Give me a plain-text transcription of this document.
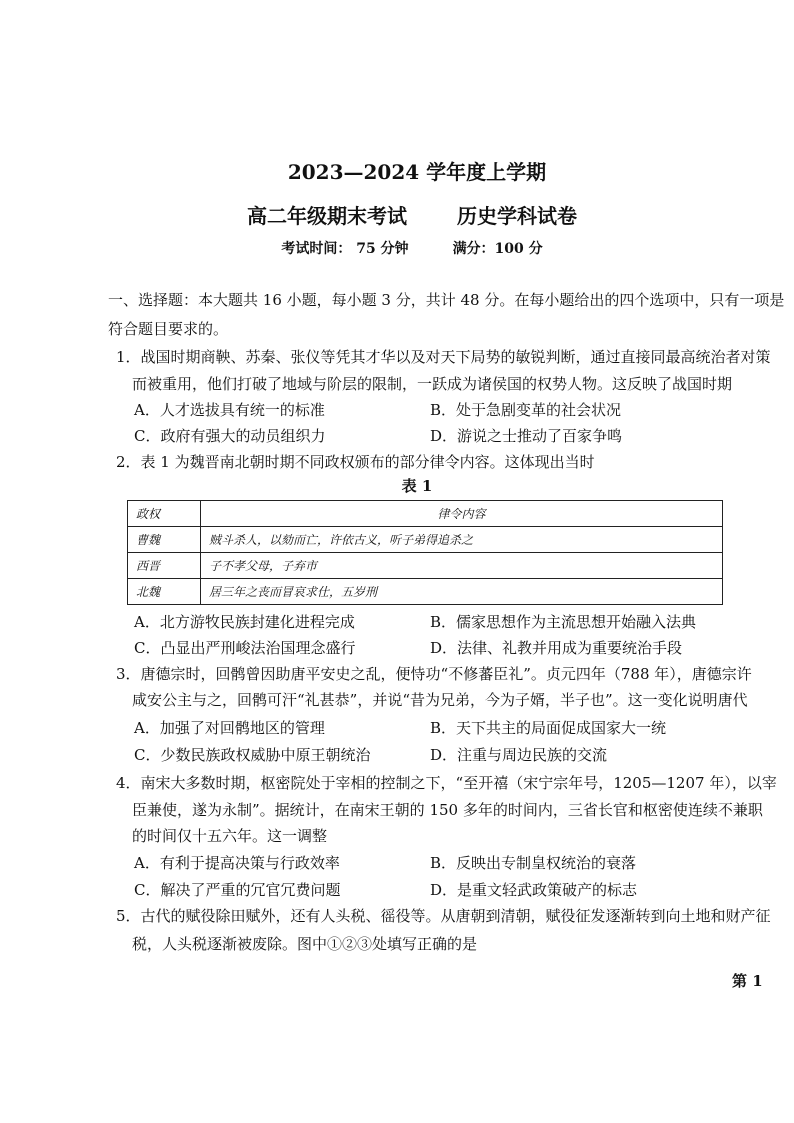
2023—2024 学年度上学期
高二年级期末考试	历史学科试卷
考试时间： 75 分钟	满分：100 分
一、选择题：本大题共 16 小题，每小题 3 分，共计 48 分。在每小题给出的四个选项中，只有一项是
符合题目要求的。
1．战国时期商鞅、苏秦、张仪等凭其才华以及对天下局势的敏锐判断，通过直接同最高统治者对策
而被重用，他们打破了地域与阶层的限制，一跃成为诸侯国的权势人物。这反映了战国时期
A．人才选拔具有统一的标准	B．处于急剧变革的社会状况
C．政府有强大的动员组织力	D．游说之士推动了百家争鸣
2．表 1 为魏晋南北朝时期不同政权颁布的部分律令内容。这体现出当时
表 1
政权	律令内容
曹魏	贼斗杀人，以劾而亡，许依古义，听子弟得追杀之
西晋	子不孝父母，子弃市
北魏	居三年之丧而冒哀求仕，五岁刑
A．北方游牧民族封建化进程完成	B．儒家思想作为主流思想开始融入法典
C．凸显出严刑峻法治国理念盛行	D．法律、礼教并用成为重要统治手段
3．唐德宗时，回鹘曾因助唐平安史之乱，便恃功“不修蕃臣礼”。贞元四年（788 年），唐德宗许
咸安公主与之，回鹘可汗“礼甚恭”，并说“昔为兄弟，今为子婿，半子也”。这一变化说明唐代
A．加强了对回鹘地区的管理	B．天下共主的局面促成国家大一统
C．少数民族政权威胁中原王朝统治	D．注重与周边民族的交流
4．南宋大多数时期，枢密院处于宰相的控制之下，“至开禧（宋宁宗年号，1205—1207 年），以宰
臣兼使，遂为永制”。据统计，在南宋王朝的 150 多年的时间内，三省长官和枢密使连续不兼职
的时间仅十五六年。这一调整
A．有利于提高决策与行政效率	B．反映出专制皇权统治的衰落
C．解决了严重的冗官冗费问题	D．是重文轻武政策破产的标志
5．古代的赋役除田赋外，还有人头税、徭役等。从唐朝到清朝，赋役征发逐渐转到向土地和财产征
税，人头税逐渐被废除。图中①②③处填写正确的是
第 1
